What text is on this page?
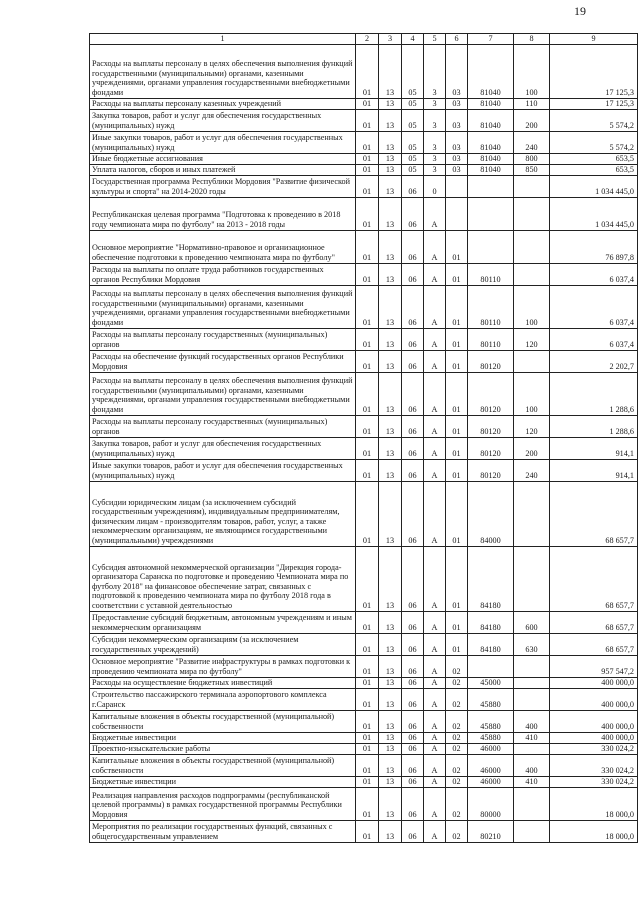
19
1	2	3	4	5	6	7	8	9
Расходы на выплаты персоналу в целях обеспечения выполнения функций государственными (муниципальными) органами, казенными учреждениями, органами управления государственными внебюджетными фондами	01	13	05	3	03	81040	100	17 125,3
Расходы на выплаты персоналу казенных учреждений	01	13	05	3	03	81040	110	17 125,3
Закупка товаров, работ и услуг для обеспечения государственных (муниципальных) нужд	01	13	05	3	03	81040	200	5 574,2
Иные закупки товаров, работ и услуг для обеспечения государственных (муниципальных) нужд	01	13	05	3	03	81040	240	5 574,2
Иные бюджетные ассигнования	01	13	05	3	03	81040	800	653,5
Уплата налогов, сборов и иных платежей	01	13	05	3	03	81040	850	653,5
Государственная программа Республики Мордовия "Развитие физической культуры и спорта" на 2014-2020 годы	01	13	06	0				1 034 445,0
Республиканская целевая программа "Подготовка к проведению в 2018 году чемпионата мира по футболу" на 2013 - 2018 годы	01	13	06	А				1 034 445,0
Основное мероприятие "Нормативно-правовое и организационное обеспечение подготовки к проведению чемпионата мира по футболу"	01	13	06	А	01			76 897,8
Расходы на выплаты по оплате труда работников государственных органов Республики Мордовия	01	13	06	А	01	80110		6 037,4
Расходы на выплаты персоналу в целях обеспечения выполнения функций государственными (муниципальными) органами, казенными учреждениями, органами управления государственными внебюджетными фондами	01	13	06	А	01	80110	100	6 037,4
Расходы на выплаты персоналу государственных (муниципальных) органов	01	13	06	А	01	80110	120	6 037,4
Расходы на обеспечение функций государственных органов Республики Мордовия	01	13	06	А	01	80120		2 202,7
Расходы на выплаты персоналу в целях обеспечения выполнения функций государственными (муниципальными) органами, казенными учреждениями, органами управления государственными внебюджетными фондами	01	13	06	А	01	80120	100	1 288,6
Расходы на выплаты персоналу государственных (муниципальных) органов	01	13	06	А	01	80120	120	1 288,6
Закупка товаров, работ и услуг для обеспечения государственных (муниципальных) нужд	01	13	06	А	01	80120	200	914,1
Иные закупки товаров, работ и услуг для обеспечения государственных (муниципальных) нужд	01	13	06	А	01	80120	240	914,1
Субсидии юридическим лицам (за исключением субсидий государственным учреждениям), индивидуальным предпринимателям, физическим лицам - производителям товаров, работ, услуг, а также некоммерческим организациям, не являющимся государственными (муниципальными) учреждениями	01	13	06	А	01	84000		68 657,7
Субсидия автономной некоммерческой организации "Дирекция города-организатора Саранска по подготовке и проведению Чемпионата мира по футболу 2018" на финансовое обеспечение затрат, связанных с подготовкой к проведению чемпионата мира по футболу 2018 года в соответствии с уставной деятельностью	01	13	06	А	01	84180		68 657,7
Предоставление субсидий бюджетным, автономным учреждениям и иным некоммерческим организациям	01	13	06	А	01	84180	600	68 657,7
Субсидии некоммерческим организациям (за исключением государственных учреждений)	01	13	06	А	01	84180	630	68 657,7
Основное мероприятие "Развитие инфраструктуры в рамках подготовки к проведению чемпионата мира по футболу"	01	13	06	А	02			957 547,2
Расходы на осуществление бюджетных инвестиций	01	13	06	А	02	45000		400 000,0
Строительство пассажирского терминала аэропортового комплекса г.Саранск	01	13	06	А	02	45880		400 000,0
Капитальные вложения в объекты государственной (муниципальной) собственности	01	13	06	А	02	45880	400	400 000,0
Бюджетные инвестиции	01	13	06	А	02	45880	410	400 000,0
Проектно-изыскательские работы	01	13	06	А	02	46000		330 024,2
Капитальные вложения в объекты государственной (муниципальной) собственности	01	13	06	А	02	46000	400	330 024,2
Бюджетные инвестиции	01	13	06	А	02	46000	410	330 024,2
Реализация направления расходов подпрограммы (республиканской целевой программы) в рамках государственной программы Республики Мордовия	01	13	06	А	02	80000		18 000,0
Мероприятия по реализации государственных функций, связанных с общегосударственным управлением	01	13	06	А	02	80210		18 000,0
